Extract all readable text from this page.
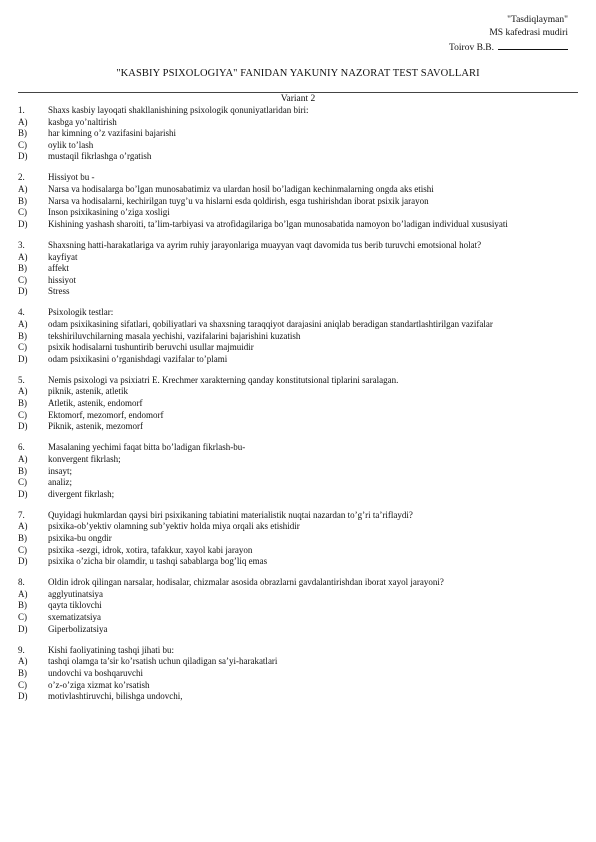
"Tasdiqlayman"
MS kafedrasi mudiri
Toirov B.B.
"KASBIY PSIXOLOGIYA" FANIDAN YAKUNIY NAZORAT TEST SAVOLLARI
Variant 2
1.	Shaxs kasbiy layoqati shakllanishining psixologik qonuniyatlaridan biri:
A)	kasbga yo’naltirish
B)	har kimning o’z vazifasini bajarishi
C)	oylik to’lash
D)	mustaqil fikrlashga o’rgatish
2.	Hissiyot bu -
A)	Narsa va hodisalarga bo’lgan munosabatimiz va ulardan hosil bo’ladigan kechinmalarning ongda aks etishi
B)	Narsa va hodisalarni, kechirilgan tuyg’u va hislarni esda qoldirish, esga tushirishdan iborat psixik jarayon
C)	Inson psixikasining o’ziga xosligi
D)	Kishining yashash sharoiti, ta’lim-tarbiyasi va atrofidagilariga bo’lgan munosabatida namoyon bo’ladigan individual xususiyati
3.	Shaxsning hatti-harakatlariga va ayrim ruhiy jarayonlariga muayyan vaqt davomida tus berib turuvchi emotsional holat?
A)	kayfiyat
B)	affekt
C)	hissiyot
D)	Stress
4.	Psixologik testlar:
A)	odam psixikasining sifatlari, qobiliyatlari va shaxsning taraqqiyot darajasini aniqlab beradigan standartlashtirilgan vazifalar
B)	tekshiriluvchilarning masala yechishi, vazifalarini bajarishini kuzatish
C)	psixik hodisalarni tushuntirib beruvchi usullar majmuidir
D)	odam psixikasini o’rganishdagi vazifalar to’plami
5.	Nemis psixologi va psixiatri E. Krechmer xarakterning qanday konstitutsional tiplarini saralagan.
A)	piknik, astenik, atletik
B)	Atletik, astenik, endomorf
C)	Ektomorf, mezomorf, endomorf
D)	Piknik, astenik, mezomorf
6.	Masalaning yechimi faqat bitta bo’ladigan fikrlash-bu-
A)	konvergent fikrlash;
B)	insayt;
C)	analiz;
D)	divergent fikrlash;
7.	Quyidagi hukmlardan qaysi biri psixikaning tabiatini materialistik nuqtai nazardan to’g’ri ta’riflaydi?
A)	psixika-ob’yektiv olamning sub’yektiv holda miya orqali aks etishidir
B)	psixika-bu ongdir
C)	psixika -sezgi, idrok, xotira, tafakkur, xayol kabi jarayon
D)	psixika o’zicha bir olamdir, u tashqi sabablarga bog’liq emas
8.	Oldin idrok qilingan narsalar, hodisalar, chizmalar asosida obrazlarni gavdalantirishdan iborat xayol jarayoni?
A)	agglyutinatsiya
B)	qayta tiklovchi
C)	sxematizatsiya
D)	Giperbolizatsiya
9.	Kishi faoliyatining tashqi jihati bu:
A)	tashqi olamga ta’sir ko’rsatish uchun qiladigan sa’yi-harakatlari
B)	undovchi va boshqaruvchi
C)	o’z-o’ziga xizmat ko’rsatish
D)	motivlashtiruvchi, bilishga undovchi,
